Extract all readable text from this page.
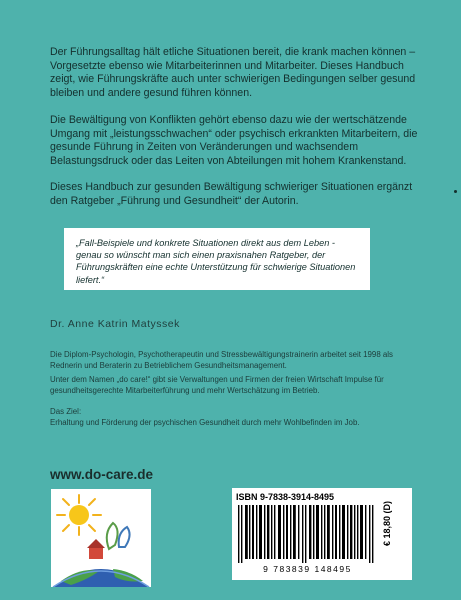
Der Führungsalltag hält etliche Situationen bereit, die krank machen können – Vorgesetzte ebenso wie Mitarbeiterinnen und Mitarbeiter. Dieses Handbuch zeigt, wie Führungskräfte auch unter schwierigen Bedingungen selber gesund bleiben und andere gesund führen können.

Die Bewältigung von Konflikten gehört ebenso dazu wie der wertschätzende Umgang mit „leistungsschwachen“ oder psychisch erkrankten Mitarbeitern, die gesunde Führung in Zeiten von Veränderungen und wachsendem Belastungsdruck oder das Leiten von Abteilungen mit hohem Krankenstand.

Dieses Handbuch zur gesunden Bewältigung schwieriger Situationen ergänzt den Ratgeber „Führung und Gesundheit“ der Autorin.

„Fall-Beispiele und konkrete Situationen direkt aus dem Leben - genau so wünscht man sich einen praxisnahen Ratgeber, der Führungskräften eine echte Unterstützung für schwierige Situationen liefert.“
Dr. Anne Katrin Matyssek

Die Diplom-Psychologin, Psychotherapeutin und Stressbewältigungstrainerin arbeitet seit 1998 als Rednerin und Beraterin zu Betrieblichem Gesundheitsmanagement.

Unter dem Namen „do care!“ gibt sie Verwaltungen und Firmen der freien Wirtschaft Impulse für gesundheitsgerechte Mitarbeiterführung und mehr Wertschätzung im Betrieb.

Das Ziel:

Erhaltung und Förderung der psychischen Gesundheit durch mehr Wohlbefinden im Job.

www.do-care.de
ISBN 9-7838-3914-8495
9 783839 148495
€ 18,80 (D)
